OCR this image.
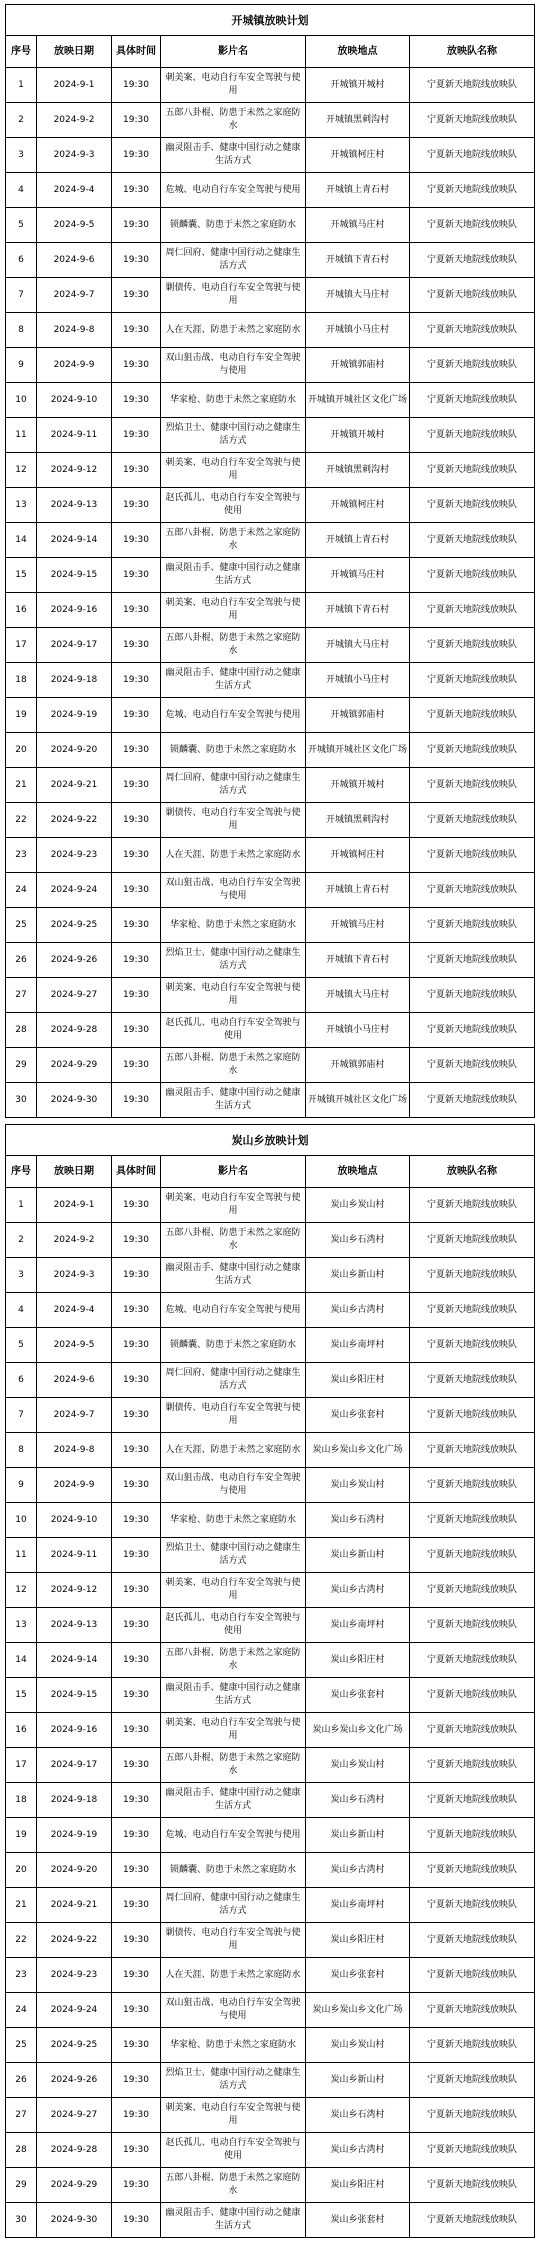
开城镇放映计划					
序号	放映日期	具体时间	影片名	放映地点	放映队名称
1	2024-9-1	19:30	刺美案、电动自行车安全驾驶与使用	开城镇开城村	宁夏新天地院线放映队
2	2024-9-2	19:30	五郎八卦棍、防患于未然之家庭防水	开城镇黑刺沟村	宁夏新天地院线放映队
3	2024-9-3	19:30	幽灵阻击手、健康中国行动之健康生活方式	开城镇柯庄村	宁夏新天地院线放映队
4	2024-9-4	19:30	危城、电动自行车安全驾驶与使用	开城镇上青石村	宁夏新天地院线放映队
5	2024-9-5	19:30	锁麟囊、防患于未然之家庭防水	开城镇马庄村	宁夏新天地院线放映队
6	2024-9-6	19:30	周仁回府、健康中国行动之健康生活方式	开城镇下青石村	宁夏新天地院线放映队
7	2024-9-7	19:30	剿债传、电动自行车安全驾驶与使用	开城镇大马庄村	宁夏新天地院线放映队
8	2024-9-8	19:30	人在天涯、防患于未然之家庭防水	开城镇小马庄村	宁夏新天地院线放映队
9	2024-9-9	19:30	双山狙击战、电动自行车安全驾驶与使用	开城镇郭庙村	宁夏新天地院线放映队
10	2024-9-10	19:30	华家枪、防患于未然之家庭防水	开城镇开城社区文化广场	宁夏新天地院线放映队
11	2024-9-11	19:30	烈焰卫士、健康中国行动之健康生活方式	开城镇开城村	宁夏新天地院线放映队
12	2024-9-12	19:30	刺美案、电动自行车安全驾驶与使用	开城镇黑刺沟村	宁夏新天地院线放映队
13	2024-9-13	19:30	赵氏孤儿、电动自行车安全驾驶与使用	开城镇柯庄村	宁夏新天地院线放映队
14	2024-9-14	19:30	五郎八卦棍、防患于未然之家庭防水	开城镇上青石村	宁夏新天地院线放映队
15	2024-9-15	19:30	幽灵阻击手、健康中国行动之健康生活方式	开城镇马庄村	宁夏新天地院线放映队
16	2024-9-16	19:30	刺美案、电动自行车安全驾驶与使用	开城镇下青石村	宁夏新天地院线放映队
17	2024-9-17	19:30	五郎八卦棍、防患于未然之家庭防水	开城镇大马庄村	宁夏新天地院线放映队
18	2024-9-18	19:30	幽灵阻击手、健康中国行动之健康生活方式	开城镇小马庄村	宁夏新天地院线放映队
19	2024-9-19	19:30	危城、电动自行车安全驾驶与使用	开城镇郭庙村	宁夏新天地院线放映队
20	2024-9-20	19:30	锁麟囊、防患于未然之家庭防水	开城镇开城社区文化广场	宁夏新天地院线放映队
21	2024-9-21	19:30	周仁回府、健康中国行动之健康生活方式	开城镇开城村	宁夏新天地院线放映队
22	2024-9-22	19:30	剿债传、电动自行车安全驾驶与使用	开城镇黑刺沟村	宁夏新天地院线放映队
23	2024-9-23	19:30	人在天涯、防患于未然之家庭防水	开城镇柯庄村	宁夏新天地院线放映队
24	2024-9-24	19:30	双山狙击战、电动自行车安全驾驶与使用	开城镇上青石村	宁夏新天地院线放映队
25	2024-9-25	19:30	华家枪、防患于未然之家庭防水	开城镇马庄村	宁夏新天地院线放映队
26	2024-9-26	19:30	烈焰卫士、健康中国行动之健康生活方式	开城镇下青石村	宁夏新天地院线放映队
27	2024-9-27	19:30	刺美案、电动自行车安全驾驶与使用	开城镇大马庄村	宁夏新天地院线放映队
28	2024-9-28	19:30	赵氏孤儿、电动自行车安全驾驶与使用	开城镇小马庄村	宁夏新天地院线放映队
29	2024-9-29	19:30	五郎八卦棍、防患于未然之家庭防水	开城镇郭庙村	宁夏新天地院线放映队
30	2024-9-30	19:30	幽灵阻击手、健康中国行动之健康生活方式	开城镇开城社区文化广场	宁夏新天地院线放映队
炭山乡放映计划					
序号	放映日期	具体时间	影片名	放映地点	放映队名称
1	2024-9-1	19:30	刺美案、电动自行车安全驾驶与使用	炭山乡炭山村	宁夏新天地院线放映队
2	2024-9-2	19:30	五郎八卦棍、防患于未然之家庭防水	炭山乡石湾村	宁夏新天地院线放映队
3	2024-9-3	19:30	幽灵阻击手、健康中国行动之健康生活方式	炭山乡新山村	宁夏新天地院线放映队
4	2024-9-4	19:30	危城、电动自行车安全驾驶与使用	炭山乡古湾村	宁夏新天地院线放映队
5	2024-9-5	19:30	锁麟囊、防患于未然之家庭防水	炭山乡南坪村	宁夏新天地院线放映队
6	2024-9-6	19:30	周仁回府、健康中国行动之健康生活方式	炭山乡阳庄村	宁夏新天地院线放映队
7	2024-9-7	19:30	剿债传、电动自行车安全驾驶与使用	炭山乡张套村	宁夏新天地院线放映队
8	2024-9-8	19:30	人在天涯、防患于未然之家庭防水	炭山乡炭山乡文化广场	宁夏新天地院线放映队
9	2024-9-9	19:30	双山狙击战、电动自行车安全驾驶与使用	炭山乡炭山村	宁夏新天地院线放映队
10	2024-9-10	19:30	华家枪、防患于未然之家庭防水	炭山乡石湾村	宁夏新天地院线放映队
11	2024-9-11	19:30	烈焰卫士、健康中国行动之健康生活方式	炭山乡新山村	宁夏新天地院线放映队
12	2024-9-12	19:30	刺美案、电动自行车安全驾驶与使用	炭山乡古湾村	宁夏新天地院线放映队
13	2024-9-13	19:30	赵氏孤儿、电动自行车安全驾驶与使用	炭山乡南坪村	宁夏新天地院线放映队
14	2024-9-14	19:30	五郎八卦棍、防患于未然之家庭防水	炭山乡阳庄村	宁夏新天地院线放映队
15	2024-9-15	19:30	幽灵阻击手、健康中国行动之健康生活方式	炭山乡张套村	宁夏新天地院线放映队
16	2024-9-16	19:30	刺美案、电动自行车安全驾驶与使用	炭山乡炭山乡文化广场	宁夏新天地院线放映队
17	2024-9-17	19:30	五郎八卦棍、防患于未然之家庭防水	炭山乡炭山村	宁夏新天地院线放映队
18	2024-9-18	19:30	幽灵阻击手、健康中国行动之健康生活方式	炭山乡石湾村	宁夏新天地院线放映队
19	2024-9-19	19:30	危城、电动自行车安全驾驶与使用	炭山乡新山村	宁夏新天地院线放映队
20	2024-9-20	19:30	锁麟囊、防患于未然之家庭防水	炭山乡古湾村	宁夏新天地院线放映队
21	2024-9-21	19:30	周仁回府、健康中国行动之健康生活方式	炭山乡南坪村	宁夏新天地院线放映队
22	2024-9-22	19:30	剿债传、电动自行车安全驾驶与使用	炭山乡阳庄村	宁夏新天地院线放映队
23	2024-9-23	19:30	人在天涯、防患于未然之家庭防水	炭山乡张套村	宁夏新天地院线放映队
24	2024-9-24	19:30	双山狙击战、电动自行车安全驾驶与使用	炭山乡炭山乡文化广场	宁夏新天地院线放映队
25	2024-9-25	19:30	华家枪、防患于未然之家庭防水	炭山乡炭山村	宁夏新天地院线放映队
26	2024-9-26	19:30	烈焰卫士、健康中国行动之健康生活方式	炭山乡新山村	宁夏新天地院线放映队
27	2024-9-27	19:30	刺美案、电动自行车安全驾驶与使用	炭山乡石湾村	宁夏新天地院线放映队
28	2024-9-28	19:30	赵氏孤儿、电动自行车安全驾驶与使用	炭山乡古湾村	宁夏新天地院线放映队
29	2024-9-29	19:30	五郎八卦棍、防患于未然之家庭防水	炭山乡阳庄村	宁夏新天地院线放映队
30	2024-9-30	19:30	幽灵阻击手、健康中国行动之健康生活方式	炭山乡张套村	宁夏新天地院线放映队
